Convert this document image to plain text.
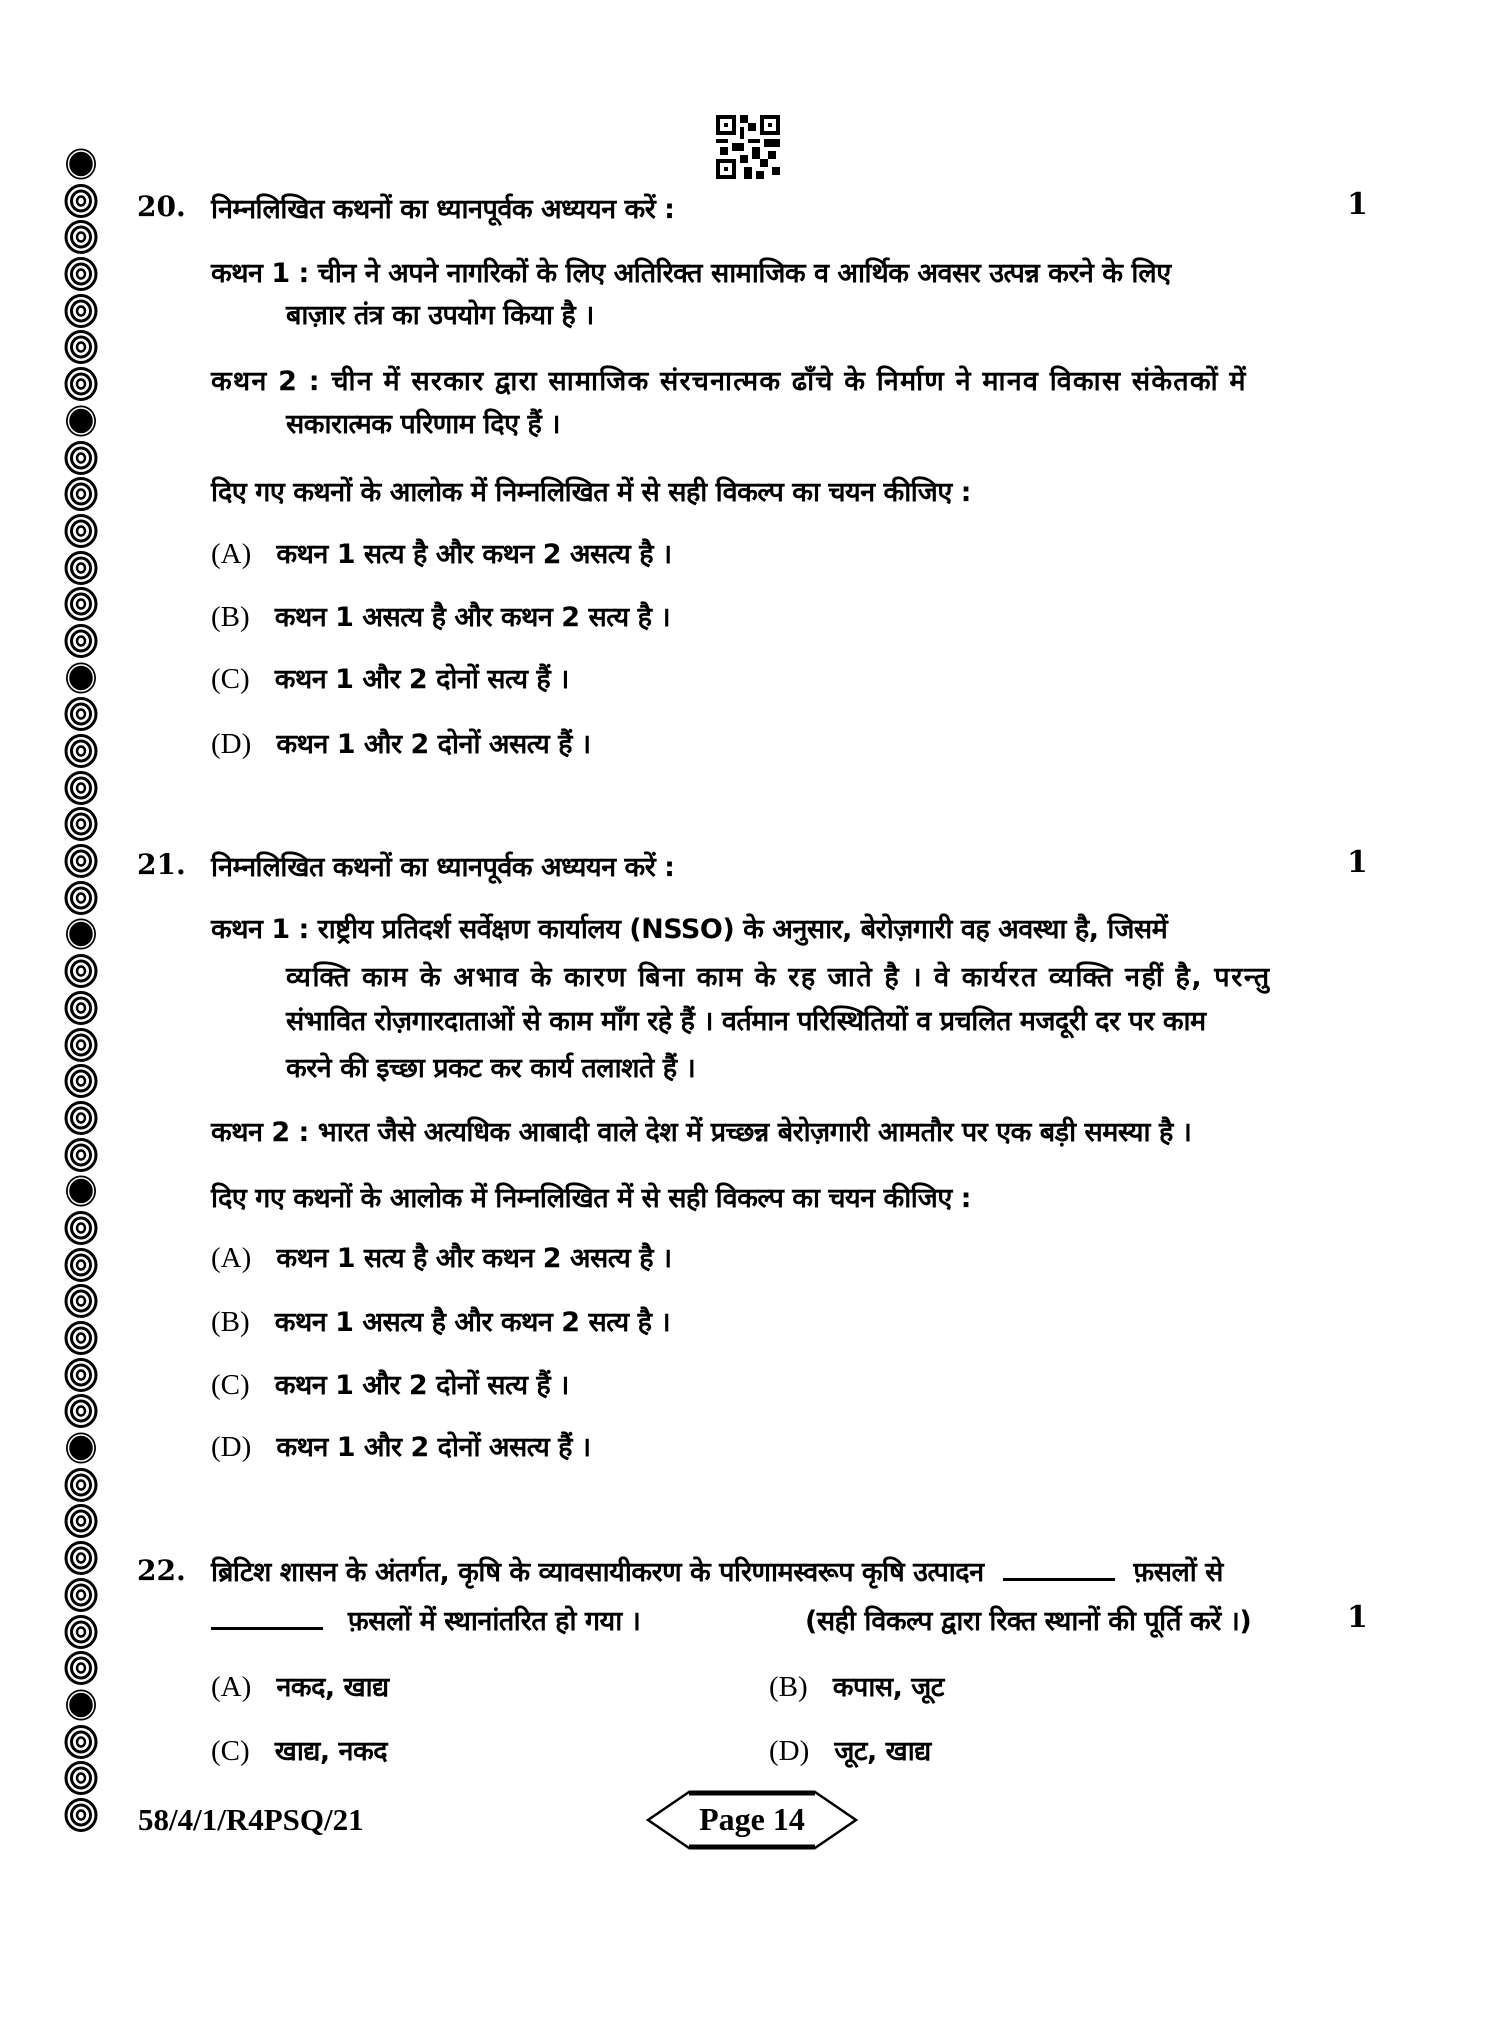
20. निम्नलिखित कथनों का ध्यानपूर्वक अध्ययन करें :	1
कथन 1 : चीन ने अपने नागरिकों के लिए अतिरिक्त सामाजिक व आर्थिक अवसर उत्पन्न करने के लिए
बाज़ार तंत्र का उपयोग किया है ।
कथन 2 : चीन में सरकार द्वारा सामाजिक संरचनात्मक ढाँचे के निर्माण ने मानव विकास संकेतकों में
सकारात्मक परिणाम दिए हैं ।
दिए गए कथनों के आलोक में निम्नलिखित में से सही विकल्प का चयन कीजिए :
(A) कथन 1 सत्य है और कथन 2 असत्य है ।
(B) कथन 1 असत्य है और कथन 2 सत्य है ।
(C) कथन 1 और 2 दोनों सत्य हैं ।
(D) कथन 1 और 2 दोनों असत्य हैं ।
21. निम्नलिखित कथनों का ध्यानपूर्वक अध्ययन करें :	1
कथन 1 : राष्ट्रीय प्रतिदर्श सर्वेक्षण कार्यालय (NSSO) के अनुसार, बेरोज़गारी वह अवस्था है, जिसमें
व्यक्ति काम के अभाव के कारण बिना काम के रह जाते है । वे कार्यरत व्यक्ति नहीं है, परन्तु
संभावित रोज़गारदाताओं से काम माँग रहे हैं । वर्तमान परिस्थितियों व प्रचलित मजदूरी दर पर काम
करने की इच्छा प्रकट कर कार्य तलाशते हैं ।
कथन 2 : भारत जैसे अत्यधिक आबादी वाले देश में प्रच्छन्न बेरोज़गारी आमतौर पर एक बड़ी समस्या है ।
दिए गए कथनों के आलोक में निम्नलिखित में से सही विकल्प का चयन कीजिए :
(A) कथन 1 सत्य है और कथन 2 असत्य है ।
(B) कथन 1 असत्य है और कथन 2 सत्य है ।
(C) कथन 1 और 2 दोनों सत्य हैं ।
(D) कथन 1 और 2 दोनों असत्य हैं ।
22. ब्रिटिश शासन के अंतर्गत, कृषि के व्यावसायीकरण के परिणामस्वरूप कृषि उत्पादन	फ़सलों से
फ़सलों में स्थानांतरित हो गया ।	(सही विकल्प द्वारा रिक्त स्थानों की पूर्ति करें ।)	1
(A) नकद, खाद्य	(B) कपास, जूट
(C) खाद्य, नकद	(D) जूट, खाद्य
58/4/1/R4PSQ/21	Page 14
